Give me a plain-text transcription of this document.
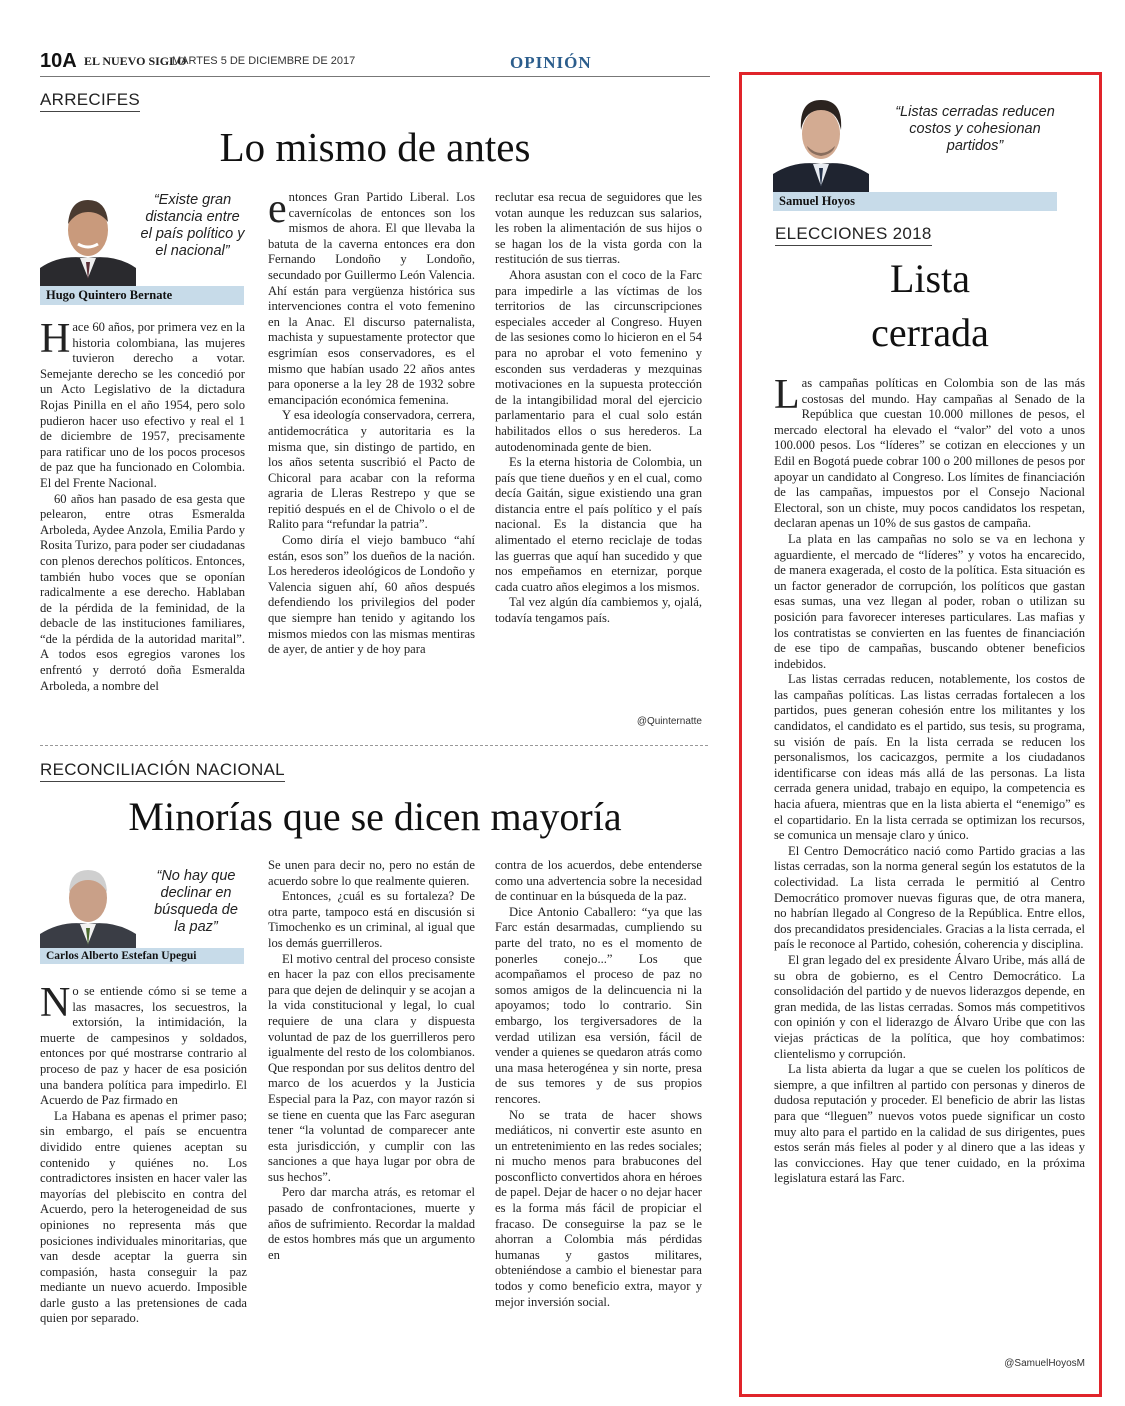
10A EL NUEVO SIGLO
MARTES 5 DE DICIEMBRE DE 2017	OPINIÓN
ARRECIFES
Lo mismo de antes
“Existe gran distancia entre el país político y el nacional”
Hugo Quintero Bernate

Hace 60 años, por primera vez en la historia colombiana, las mujeres tuvieron derecho a votar. Semejante derecho se les concedió por un Acto Legislativo de la dictadura Rojas Pinilla en el año 1954, pero solo pudieron hacer uso efectivo y real el 1 de diciembre de 1957, precisamente para ratificar uno de los pocos procesos de paz que ha funcionado en Colombia. El del Frente Nacional.

60 años han pasado de esa gesta que pelearon, entre otras Esmeralda Arboleda, Aydee Anzola, Emilia Pardo y Rosita Turizo, para poder ser ciudadanas con plenos derechos políticos. Entonces, también hubo voces que se oponían radicalmente a ese derecho. Hablaban de la pérdida de la feminidad, de la debacle de las instituciones familiares, “de la pérdida de la autoridad marital”. A todos esos egregios varones los enfrentó y derrotó doña Esmeralda Arboleda, a nombre del

entonces Gran Partido Liberal. Los cavernícolas de entonces son los mismos de ahora. El que llevaba la batuta de la caverna entonces era don Fernando Londoño y Londoño, secundado por Guillermo León Valencia. Ahí están para vergüenza histórica sus intervenciones contra el voto femenino en la Anac. El discurso paternalista, machista y supuestamente protector que esgrimían esos conservadores, es el mismo que habían usado 22 años antes para oponerse a la ley 28 de 1932 sobre emancipación económica femenina.

Y esa ideología conservadora, cerrera, antidemocrática y autoritaria es la misma que, sin distingo de partido, en los años setenta suscribió el Pacto de Chicoral para acabar con la reforma agraria de Lleras Restrepo y que se repitió después en el de Chivolo o el de Ralito para “refundar la patria”.

Como diría el viejo bambuco “ahí están, esos son” los dueños de la nación. Los herederos ideológicos de Londoño y Valencia siguen ahí, 60 años después defendiendo los privilegios del poder que siempre han tenido y agitando los mismos miedos con las mismas mentiras de ayer, de antier y de hoy para

reclutar esa recua de seguidores que les votan aunque les reduzcan sus salarios, les roben la alimentación de sus hijos o se hagan los de la vista gorda con la restitución de sus tierras.

Ahora asustan con el coco de la Farc para impedirle a las víctimas de los territorios de las circunscripciones especiales acceder al Congreso. Huyen de las sesiones como lo hicieron en el 54 para no aprobar el voto femenino y esconden sus verdaderas y mezquinas motivaciones en la supuesta protección de la intangibilidad moral del ejercicio parlamentario para el cual solo están habilitados ellos o sus herederos. La autodenominada gente de bien.

Es la eterna historia de Colombia, un país que tiene dueños y en el cual, como decía Gaitán, sigue existiendo una gran distancia entre el país político y el país nacional. Es la distancia que ha alimentado el eterno reciclaje de todas las guerras que aquí han sucedido y que nos empeñamos en eternizar, porque cada cuatro años elegimos a los mismos.

Tal vez algún día cambiemos y, ojalá, todavía tengamos país.

@Quinternatte
RECONCILIACIÓN NACIONAL
Minorías que se dicen mayoría
“No hay que declinar en búsqueda de la paz”
Carlos Alberto Estefan Upegui

No se entiende cómo si se teme a las masacres, los secuestros, la extorsión, la intimidación, la muerte de campesinos y soldados, entonces por qué mostrarse contrario al proceso de paz y hacer de esa posición una bandera política para impedirlo. El Acuerdo de Paz firmado en

La Habana es apenas el primer paso; sin embargo, el país se encuentra dividido entre quienes aceptan su contenido y quiénes no. Los contradictores insisten en hacer valer las mayorías del plebiscito en contra del Acuerdo, pero la heterogeneidad de sus opiniones no representa más que posiciones individuales minoritarias, que van desde aceptar la guerra sin compasión, hasta conseguir la paz mediante un nuevo acuerdo. Imposible darle gusto a las pretensiones de cada quien por separado.

Se unen para decir no, pero no están de acuerdo sobre lo que realmente quieren.

Entonces, ¿cuál es su fortaleza? De otra parte, tampoco está en discusión si Timochenko es un criminal, al igual que los demás guerrilleros.

El motivo central del proceso consiste en hacer la paz con ellos precisamente para que dejen de delinquir y se acojan a la vida constitucional y legal, lo cual requiere de una clara y dispuesta voluntad de paz de los guerrilleros pero igualmente del resto de los colombianos. Que respondan por sus delitos dentro del marco de los acuerdos y la Justicia Especial para la Paz, con mayor razón si se tiene en cuenta que las Farc aseguran tener “la voluntad de comparecer ante esta jurisdicción, y cumplir con las sanciones a que haya lugar por obra de sus hechos”.

Pero dar marcha atrás, es retomar el pasado de confrontaciones, muerte y años de sufrimiento. Recordar la maldad de estos hombres más que un argumento en

contra de los acuerdos, debe entenderse como una advertencia sobre la necesidad de continuar en la búsqueda de la paz.

Dice Antonio Caballero: “ya que las Farc están desarmadas, cumpliendo su parte del trato, no es el momento de ponerles conejo...” Los que acompañamos el proceso de paz no somos amigos de la delincuencia ni la apoyamos; todo lo contrario. Sin embargo, los tergiversadores de la verdad utilizan esa versión, fácil de vender a quienes se quedaron atrás como una masa heterogénea y sin norte, presa de sus temores y de sus propios rencores.

No se trata de hacer shows mediáticos, ni convertir este asunto en un entretenimiento en las redes sociales; ni mucho menos para brabucones del posconflicto convertidos ahora en héroes de papel. Dejar de hacer o no dejar hacer es la forma más fácil de propiciar el fracaso. De conseguirse la paz se le ahorran a Colombia más pérdidas humanas y gastos militares, obteniéndose a cambio el bienestar para todos y como beneficio extra, mayor y mejor inversión social.

“Listas cerradas reducen costos y cohesionan partidos”
Samuel Hoyos
ELECCIONES 2018
Lista
cerrada

Las campañas políticas en Colombia son de las más costosas del mundo. Hay campañas al Senado de la República que cuestan 10.000 millones de pesos, el mercado electoral ha elevado el “valor” del voto a unos 100.000 pesos. Los “líderes” se cotizan en elecciones y un Edil en Bogotá puede cobrar 100 o 200 millones de pesos por apoyar un candidato al Congreso. Los límites de financiación de las campañas, impuestos por el Consejo Nacional Electoral, son un chiste, muy pocos candidatos los respetan, declaran apenas un 10% de sus gastos de campaña.

La plata en las campañas no solo se va en lechona y aguardiente, el mercado de “líderes” y votos ha encarecido, de manera exagerada, el costo de la política. Esta situación es un factor generador de corrupción, los políticos que gastan esas sumas, una vez llegan al poder, roban o utilizan su posición para favorecer intereses particulares. Las mafias y los contratistas se convierten en las fuentes de financiación de ese tipo de campañas, buscando obtener beneficios indebidos.

Las listas cerradas reducen, notablemente, los costos de las campañas políticas. Las listas cerradas fortalecen a los partidos, pues generan cohesión entre los militantes y los candidatos, el candidato es el partido, sus tesis, su programa, su visión de país. En la lista cerrada se reducen los personalismos, los cacicazgos, permite a los ciudadanos identificarse con ideas más allá de las personas. La lista cerrada genera unidad, trabajo en equipo, la competencia es hacia afuera, mientras que en la lista abierta el “enemigo” es el copartidario. En la lista cerrada se optimizan los recursos, se comunica un mensaje claro y único.

El Centro Democrático nació como Partido gracias a las listas cerradas, son la norma general según los estatutos de la colectividad. La lista cerrada le permitió al Centro Democrático promover nuevas figuras que, de otra manera, no habrían llegado al Congreso de la República. Entre ellos, dos precandidatos presidenciales. Gracias a la lista cerrada, el país le reconoce al Partido, cohesión, coherencia y disciplina.

El gran legado del ex presidente Álvaro Uribe, más allá de su obra de gobierno, es el Centro Democrático. La consolidación del partido y de nuevos liderazgos depende, en gran medida, de las listas cerradas. Somos más competitivos con opinión y con el liderazgo de Álvaro Uribe que con las viejas prácticas de la política, que hoy combatimos: clientelismo y corrupción.

La lista abierta da lugar a que se cuelen los políticos de siempre, a que infiltren al partido con personas y dineros de dudosa reputación y proceder. El beneficio de abrir las listas para que “lleguen” nuevos votos puede significar un costo muy alto para el partido en la calidad de sus dirigentes, pues estos serán más fieles al poder y al dinero que a las ideas y las convicciones. Hay que tener cuidado, en la próxima legislatura estará las Farc.

@SamuelHoyosM
